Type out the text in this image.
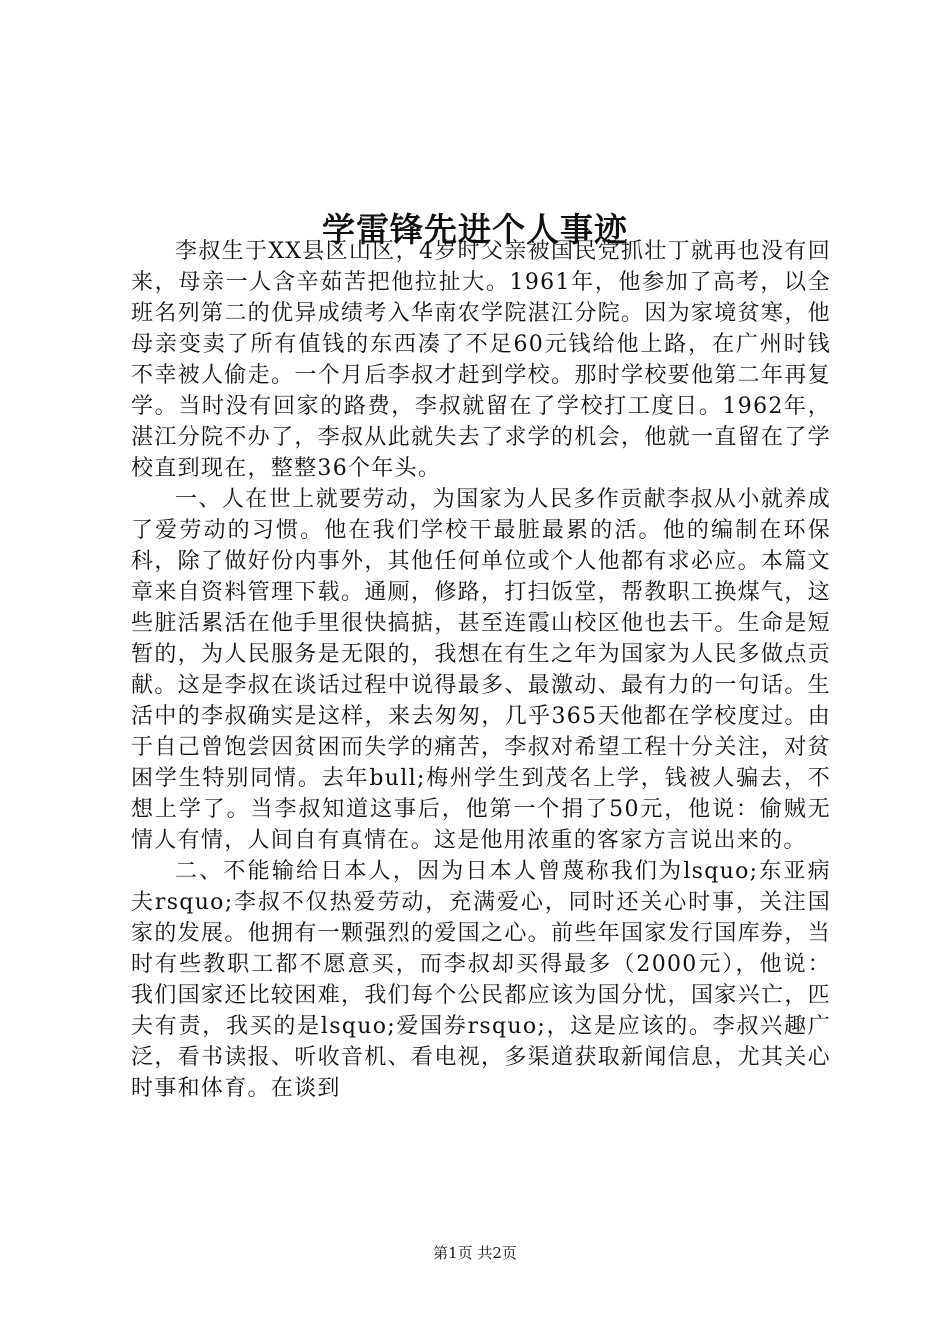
学雷锋先进个人事迹

李叔生于XX县区山区，4岁时父亲被国民党抓壮丁就再也没有回来，母亲一人含辛茹苦把他拉扯大。1961年，他参加了高考，以全班名列第二的优异成绩考入华南农学院湛江分院。因为家境贫寒，他母亲变卖了所有值钱的东西凑了不足60元钱给他上路，在广州时钱不幸被人偷走。一个月后李叔才赶到学校。那时学校要他第二年再复学。当时没有回家的路费，李叔就留在了学校打工度日。1962年，湛江分院不办了，李叔从此就失去了求学的机会，他就一直留在了学校直到现在，整整36个年头。

一、人在世上就要劳动，为国家为人民多作贡献李叔从小就养成了爱劳动的习惯。他在我们学校干最脏最累的活。他的编制在环保科，除了做好份内事外，其他任何单位或个人他都有求必应。本篇文章来自资料管理下载。通厕，修路，打扫饭堂，帮教职工换煤气，这些脏活累活在他手里很快搞掂，甚至连霞山校区他也去干。生命是短暂的，为人民服务是无限的，我想在有生之年为国家为人民多做点贡献。这是李叔在谈话过程中说得最多、最激动、最有力的一句话。生活中的李叔确实是这样，来去匆匆，几乎365天他都在学校度过。由于自己曾饱尝因贫困而失学的痛苦，李叔对希望工程十分关注，对贫困学生特别同情。去年bull;梅州学生到茂名上学，钱被人骗去，不想上学了。当李叔知道这事后，他第一个捐了50元，他说：偷贼无情人有情，人间自有真情在。这是他用浓重的客家方言说出来的。

二、不能输给日本人，因为日本人曾蔑称我们为lsquo;东亚病夫rsquo;李叔不仅热爱劳动，充满爱心，同时还关心时事，关注国家的发展。他拥有一颗强烈的爱国之心。前些年国家发行国库券，当时有些教职工都不愿意买，而李叔却买得最多（2000元），他说：我们国家还比较困难，我们每个公民都应该为国分忧，国家兴亡，匹夫有责，我买的是lsquo;爱国券rsquo;，这是应该的。李叔兴趣广泛，看书读报、听收音机、看电视，多渠道获取新闻信息，尤其关心时事和体育。在谈到

第1页 共2页
